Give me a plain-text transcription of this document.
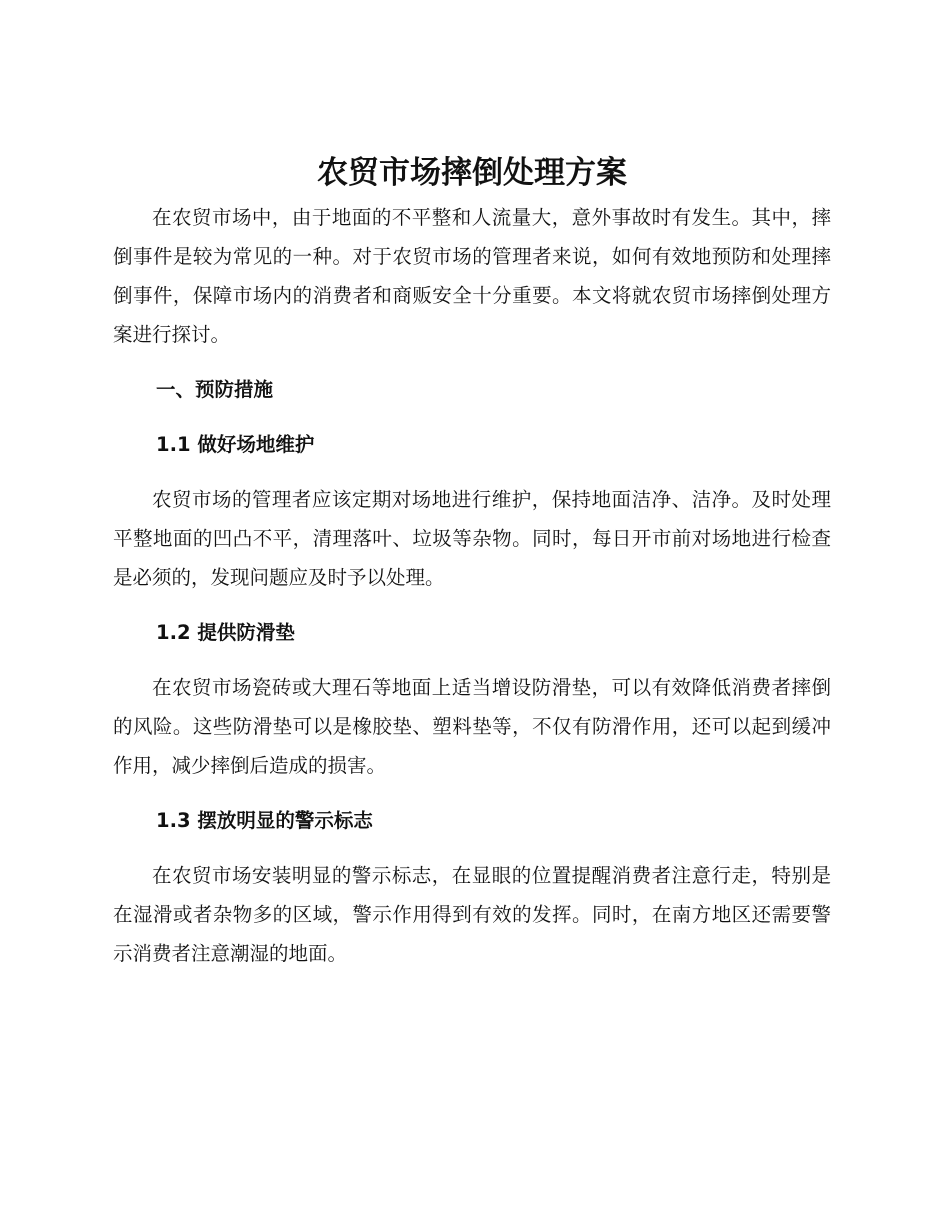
农贸市场摔倒处理方案

在农贸市场中，由于地面的不平整和人流量大，意外事故时有发生。其中，摔倒事件是较为常见的一种。对于农贸市场的管理者来说，如何有效地预防和处理摔倒事件，保障市场内的消费者和商贩安全十分重要。本文将就农贸市场摔倒处理方案进行探讨。

一、预防措施
1.1 做好场地维护

农贸市场的管理者应该定期对场地进行维护，保持地面洁净、洁净。及时处理平整地面的凹凸不平，清理落叶、垃圾等杂物。同时，每日开市前对场地进行检查是必须的，发现问题应及时予以处理。

1.2 提供防滑垫

在农贸市场瓷砖或大理石等地面上适当增设防滑垫，可以有效降低消费者摔倒的风险。这些防滑垫可以是橡胶垫、塑料垫等，不仅有防滑作用，还可以起到缓冲作用，减少摔倒后造成的损害。

1.3 摆放明显的警示标志

在农贸市场安装明显的警示标志，在显眼的位置提醒消费者注意行走，特别是在湿滑或者杂物多的区域，警示作用得到有效的发挥。同时，在南方地区还需要警示消费者注意潮湿的地面。
